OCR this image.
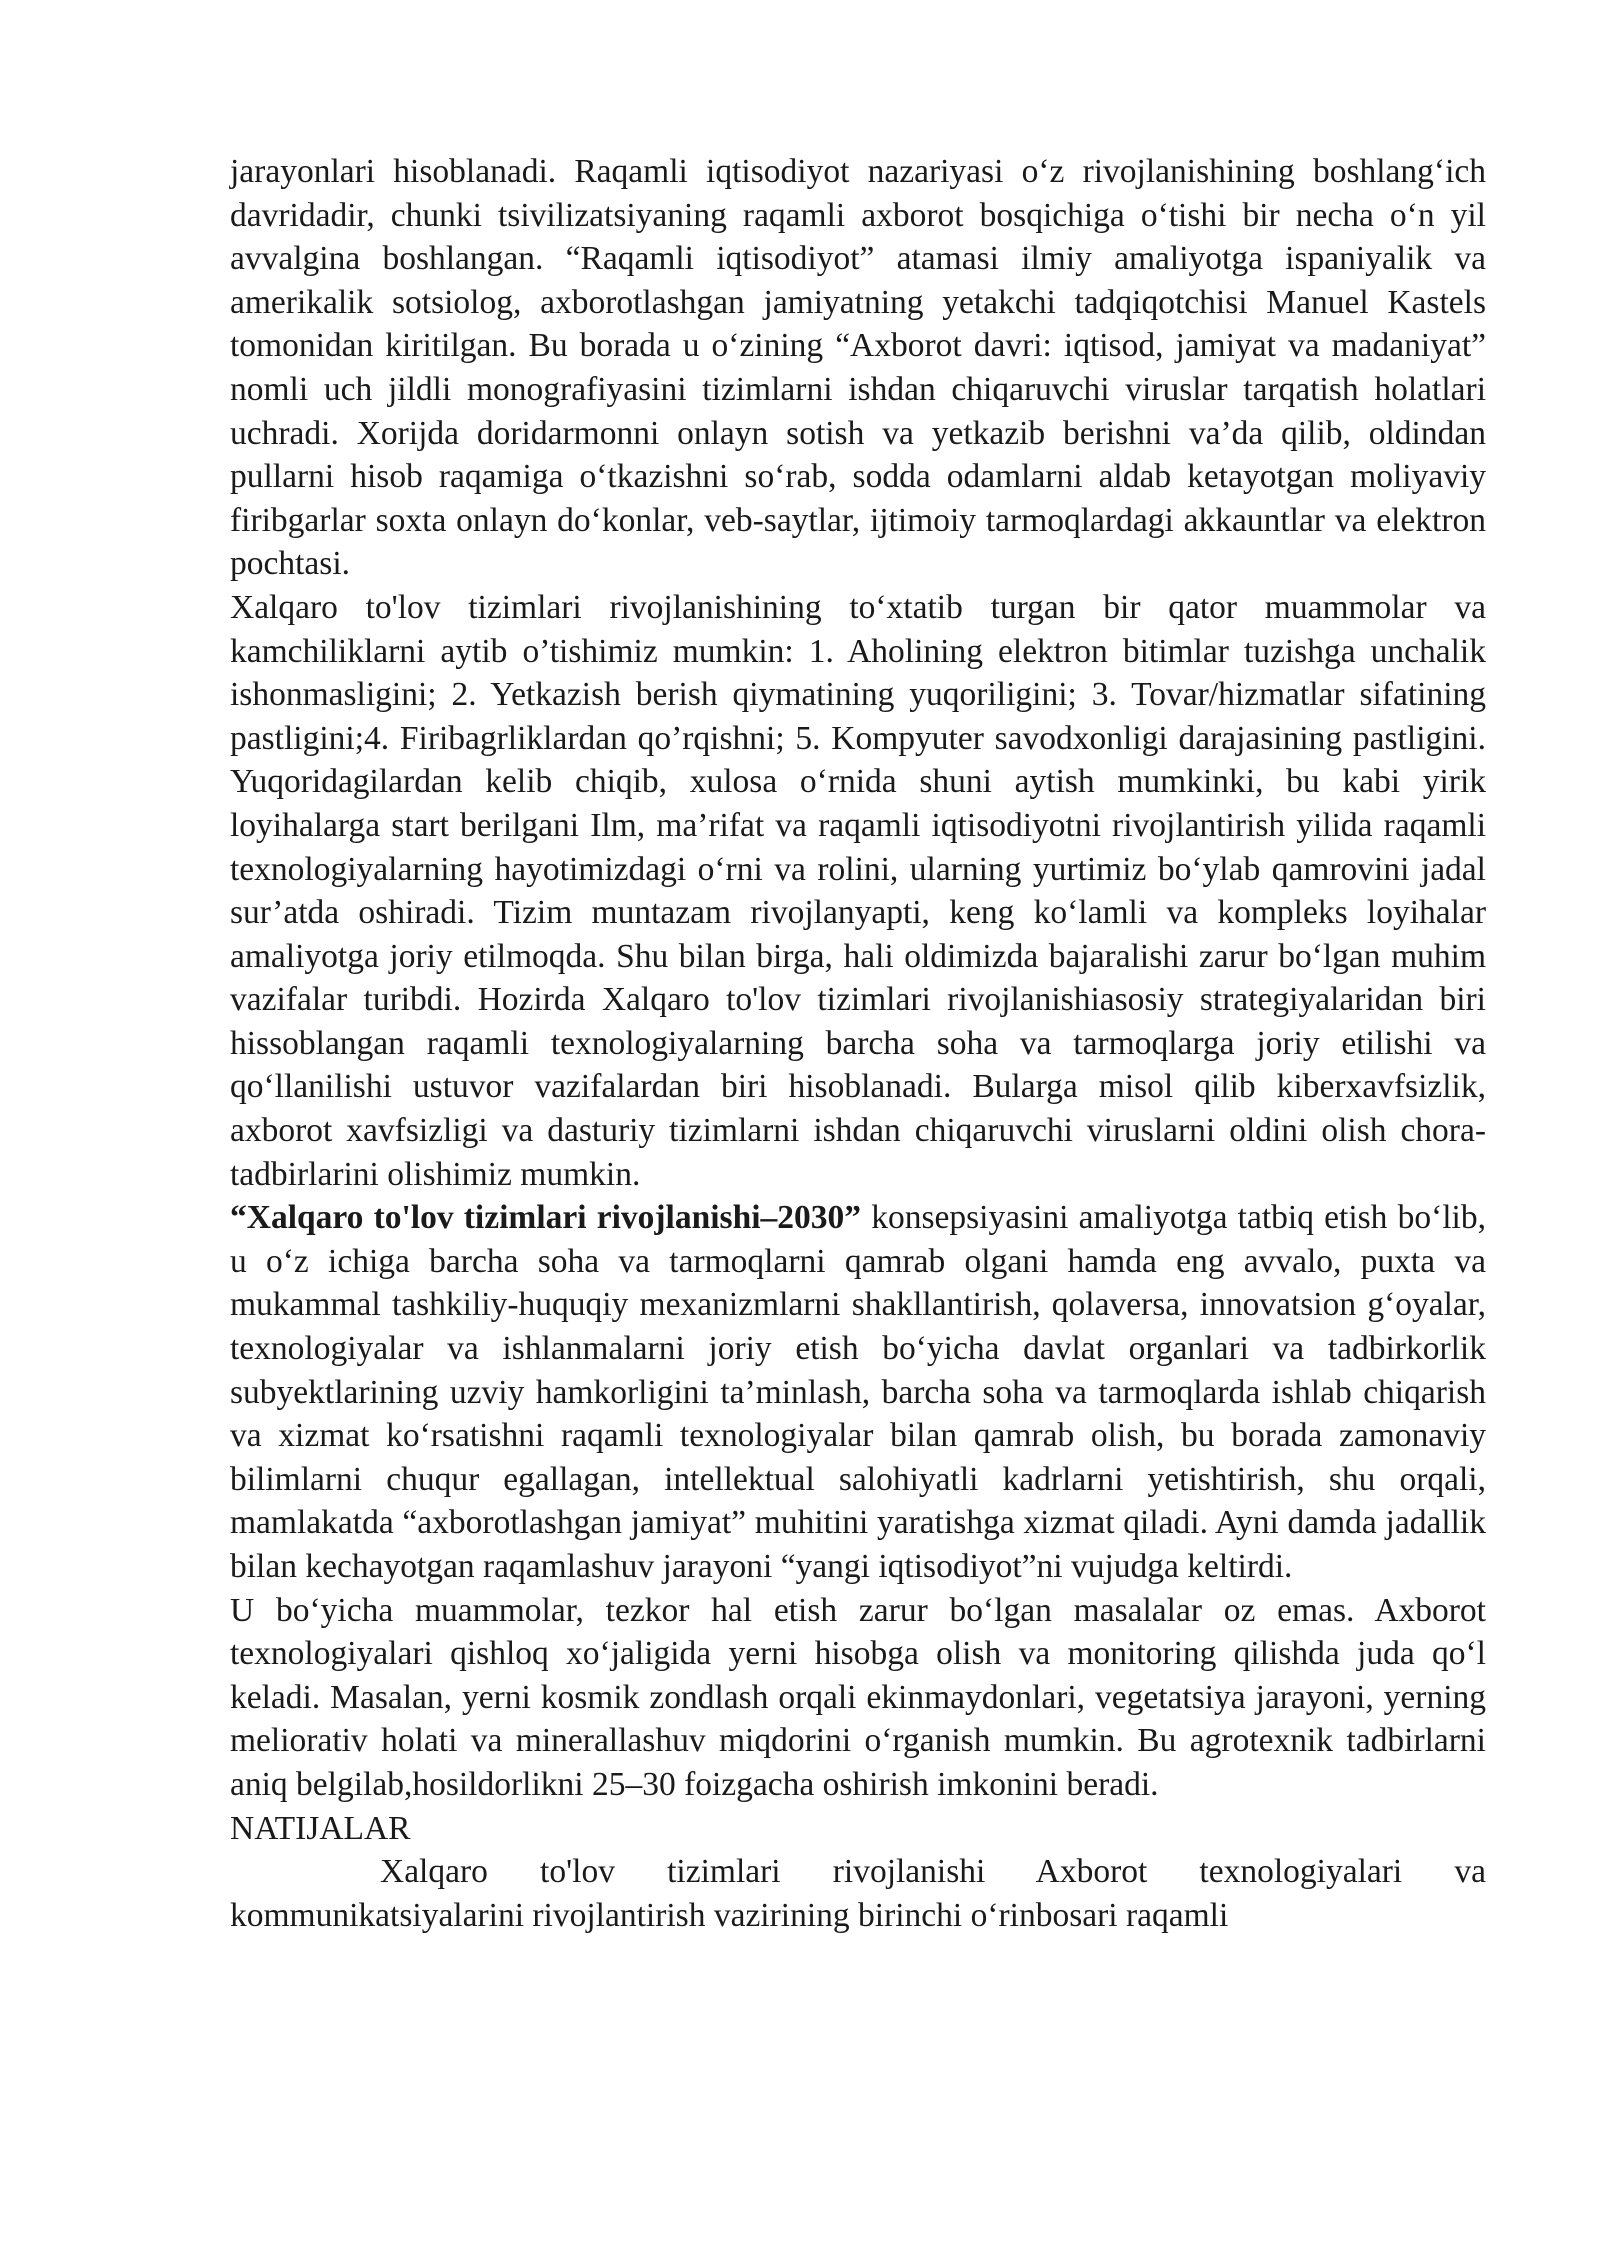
jarayonlari hisoblanadi. Raqamli iqtisodiyot nazariyasi o‘z rivojlanishining boshlang‘ich davridadir, chunki tsivilizatsiyaning raqamli axborot bosqichiga o‘tishi bir necha o‘n yil avvalgina boshlangan. “Raqamli iqtisodiyot” atamasi ilmiy amaliyotga ispaniyalik va amerikalik sotsiolog, axborotlashgan jamiyatning yetakchi tadqiqotchisi Manuel Kastels tomonidan kiritilgan. Bu borada u o‘zining “Axborot davri: iqtisod, jamiyat va madaniyat” nomli uch jildli monografiyasini tizimlarni ishdan chiqaruvchi viruslar tarqatish holatlari uchradi. Xorijda doridarmonni onlayn sotish va yetkazib berishni va’da qilib, oldindan pullarni hisob raqamiga o‘tkazishni so‘rab, sodda odamlarni aldab ketayotgan moliyaviy firibgarlar soxta onlayn do‘konlar, veb-saytlar, ijtimoiy tarmoqlardagi akkauntlar va elektron pochtasi.

Xalqaro to'lov tizimlari rivojlanishining to‘xtatib turgan bir qator muammolar va kamchiliklarni aytib o’tishimiz mumkin: 1. Aholining elektron bitimlar tuzishga unchalik ishonmasligini; 2. Yetkazish berish qiymatining yuqoriligini; 3. Tovar/hizmatlar sifatining pastligini;4. Firibagrliklardan qo’rqishni; 5. Kompyuter savodxonligi darajasining pastligini. Yuqoridagilardan kelib chiqib, xulosa o‘rnida shuni aytish mumkinki, bu kabi yirik loyihalarga start berilgani Ilm, ma’rifat va raqamli iqtisodiyotni rivojlantirish yilida raqamli texnologiyalarning hayotimizdagi o‘rni va rolini, ularning yurtimiz bo‘ylab qamrovini jadal sur’atda oshiradi. Tizim muntazam rivojlanyapti, keng ko‘lamli va kompleks loyihalar amaliyotga joriy etilmoqda. Shu bilan birga, hali oldimizda bajaralishi zarur bo‘lgan muhim vazifalar turibdi. Hozirda Xalqaro to'lov tizimlari rivojlanishiasosiy strategiyalaridan biri hissoblangan raqamli texnologiyalarning barcha soha va tarmoqlarga joriy etilishi va qo‘llanilishi ustuvor vazifalardan biri hisoblanadi. Bularga misol qilib kiberxavfsizlik, axborot xavfsizligi va dasturiy tizimlarni ishdan chiqaruvchi viruslarni oldini olish chora-tadbirlarini olishimiz mumkin.

“Xalqaro to'lov tizimlari rivojlanishi–2030” konsepsiyasini amaliyotga tatbiq etish bo‘lib, u o‘z ichiga barcha soha va tarmoqlarni qamrab olgani hamda eng avvalo, puxta va mukammal tashkiliy-huquqiy mexanizmlarni shakllantirish, qolaversa, innovatsion g‘oyalar, texnologiyalar va ishlanmalarni joriy etish bo‘yicha davlat organlari va tadbirkorlik subyektlarining uzviy hamkorligini ta’minlash, barcha soha va tarmoqlarda ishlab chiqarish va xizmat ko‘rsatishni raqamli texnologiyalar bilan qamrab olish, bu borada zamonaviy bilimlarni chuqur egallagan, intellektual salohiyatli kadrlarni yetishtirish, shu orqali, mamlakatda “axborotlashgan jamiyat” muhitini yaratishga xizmat qiladi. Ayni damda jadallik bilan kechayotgan raqamlashuv jarayoni “yangi iqtisodiyot”ni vujudga keltirdi.

U bo‘yicha muammolar, tezkor hal etish zarur bo‘lgan masalalar oz emas. Axborot texnologiyalari qishloq xo‘jaligida yerni hisobga olish va monitoring qilishda juda qo‘l keladi. Masalan, yerni kosmik zondlash orqali ekinmaydonlari, vegetatsiya jarayoni, yerning meliorativ holati va minerallashuv miqdorini o‘rganish mumkin. Bu agrotexnik tadbirlarni aniq belgilab,hosildorlikni 25–30 foizgacha oshirish imkonini beradi.

NATIJALAR

Xalqaro to'lov tizimlari rivojlanishi Axborot texnologiyalari va kommunikatsiyalarini rivojlantirish vazirining birinchi o‘rinbosari raqamli
